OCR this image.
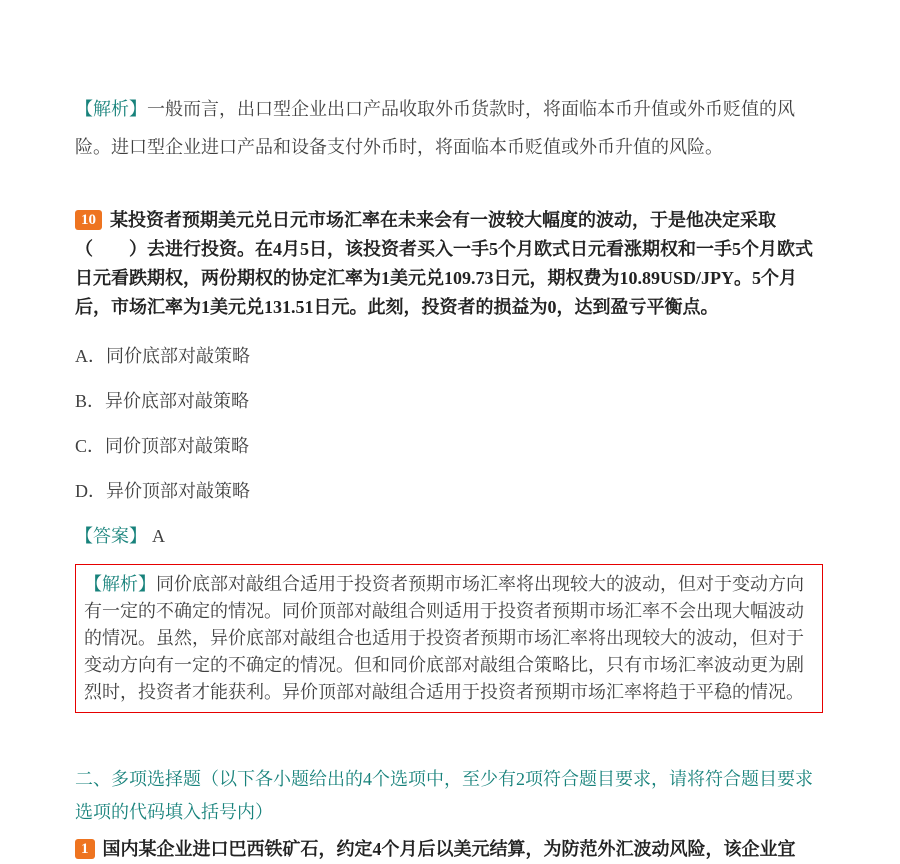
【解析】一般而言，出口型企业出口产品收取外币货款时，将面临本币升值或外币贬值的风险。进口型企业进口产品和设备支付外币时，将面临本币贬值或外币升值的风险。

10 某投资者预期美元兑日元市场汇率在未来会有一波较大幅度的波动，于是他决定采取（　　）去进行投资。在4月5日，该投资者买入一手5个月欧式日元看涨期权和一手5个月欧式日元看跌期权，两份期权的协定汇率为1美元兑109.73日元，期权费为10.89USD/JPY。5个月后，市场汇率为1美元兑131.51日元。此刻，投资者的损益为0，达到盈亏平衡点。

A．同价底部对敲策略

B．异价底部对敲策略

C．同价顶部对敲策略

D．异价顶部对敲策略

【答案】 A

【解析】同价底部对敲组合适用于投资者预期市场汇率将出现较大的波动，但对于变动方向有一定的不确定的情况。同价顶部对敲组合则适用于投资者预期市场汇率不会出现大幅波动的情况。虽然，异价底部对敲组合也适用于投资者预期市场汇率将出现较大的波动，但对于变动方向有一定的不确定的情况。但和同价底部对敲组合策略比，只有市场汇率波动更为剧烈时，投资者才能获利。异价顶部对敲组合适用于投资者预期市场汇率将趋于平稳的情况。

二、多项选择题（以下各小题给出的4个选项中，至少有2项符合题目要求，请将符合题目要求选项的代码填入括号内）

1 国内某企业进口巴西铁矿石，约定4个月后以美元结算，为防范外汇波动风险，该企业宜
